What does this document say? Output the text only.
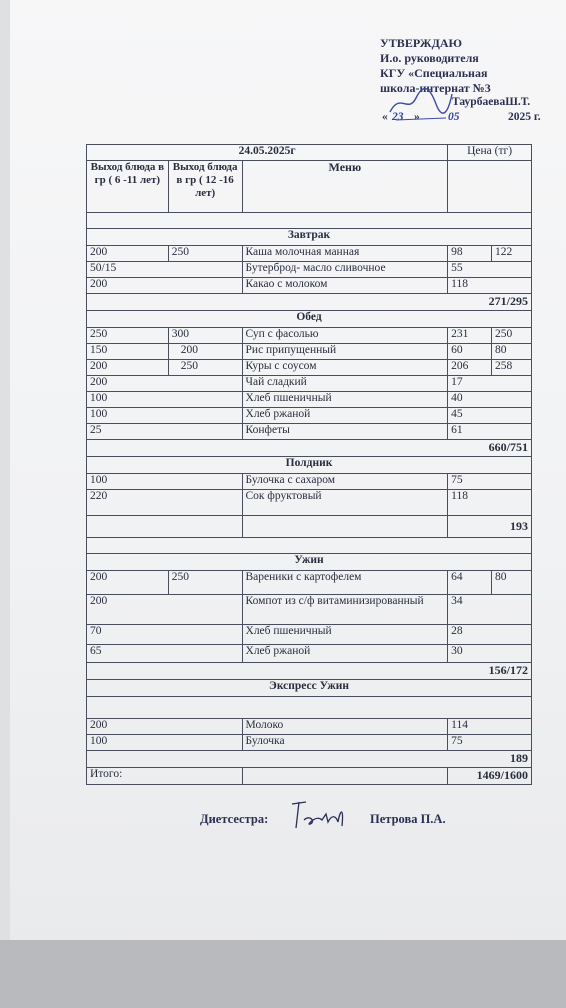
УТВЕРЖДАЮ
И.о. руководителя
КГУ «Специальная
школа-интернат №3
ТаурбаеваШ.Т.
« 23 » 05	2025 г.
24.05.2025г			Цена (тг)	
Выход блюда в гр ( 6 -11 лет)	Выход блюда в гр ( 12 -16 лет)	Меню		

Завтрак				
200	250	Каша молочная манная	98	122
50/15		Бутерброд- масло сливочное	55	
200		Какао с молоком	118	
271/295				
Обед				
250	300	Суп с фасолью	231	250
150	200	Рис припущенный	60	80
200	250	Куры с соусом	206	258
200		Чай сладкий	17	
100		Хлеб пшеничный	40	
100		Хлеб ржаной	45	
25		Конфеты	61	
660/751				
Полдник				
100		Булочка с сахаром	75	
220		Сок фруктовый	118	
			193	

Ужин				
200	250	Вареники с картофелем	64	80
200		Компот из с/ф витаминизированный	34	
70		Хлеб пшеничный	28	
65		Хлеб ржаной	30	
156/172				
Экспресс Ужин				

200		Молоко	114	
100		Булочка	75	
189				
Итого:			1469/1600	
Диетсестра:	Петрова П.А.
